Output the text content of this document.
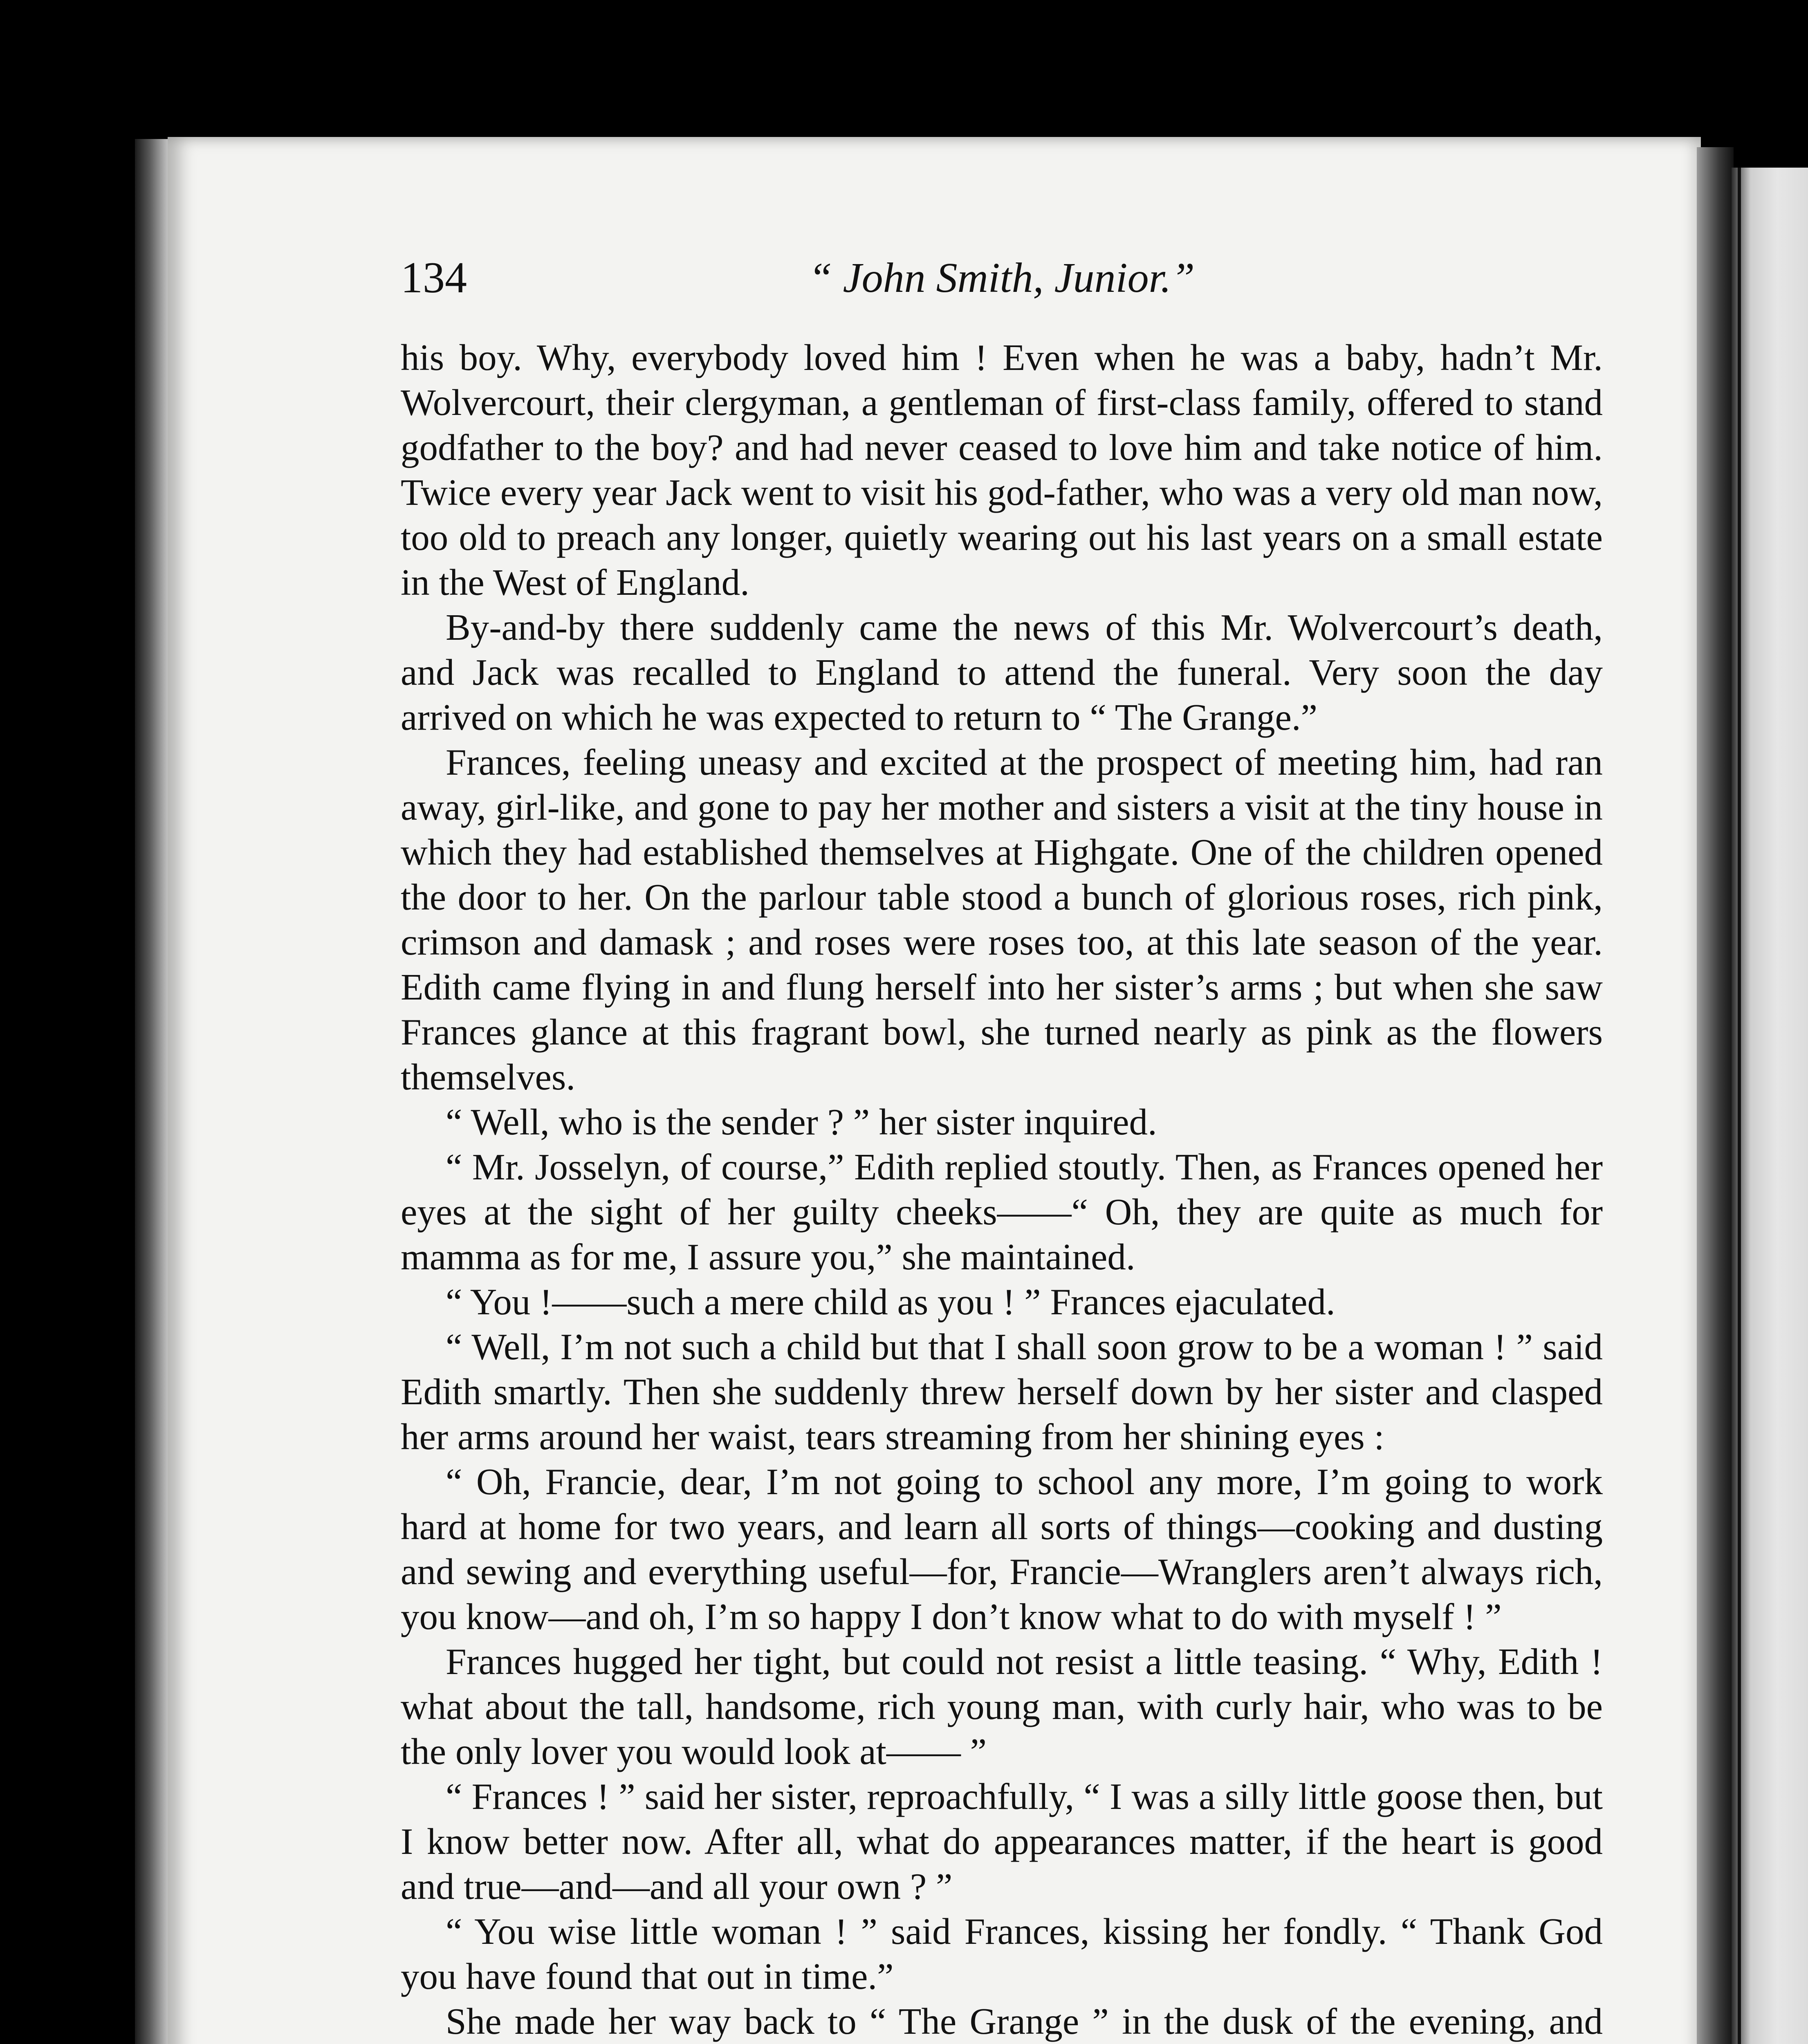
134	“ John Smith, Junior.”

his boy. Why, everybody loved him ! Even when he was a baby, hadn’t Mr. Wolvercourt, their clergyman, a gentleman of first-class family, offered to stand godfather to the boy? and had never ceased to love him and take notice of him. Twice every year Jack went to visit his god-father, who was a very old man now, too old to preach any longer, quietly wearing out his last years on a small estate in the West of England.

By-and-by there suddenly came the news of this Mr. Wolvercourt’s death, and Jack was recalled to England to attend the funeral. Very soon the day arrived on which he was expected to return to “ The Grange.”

Frances, feeling uneasy and excited at the prospect of meeting him, had ran away, girl-like, and gone to pay her mother and sisters a visit at the tiny house in which they had established themselves at Highgate. One of the children opened the door to her. On the parlour table stood a bunch of glorious roses, rich pink, crimson and damask ; and roses were roses too, at this late season of the year. Edith came flying in and flung herself into her sister’s arms ; but when she saw Frances glance at this fragrant bowl, she turned nearly as pink as the flowers themselves.

“ Well, who is the sender ? ” her sister inquired.

“ Mr. Josselyn, of course,” Edith replied stoutly. Then, as Frances opened her eyes at the sight of her guilty cheeks——“ Oh, they are quite as much for mamma as for me, I assure you,” she maintained.

“ You !——such a mere child as you ! ” Frances ejaculated.

“ Well, I’m not such a child but that I shall soon grow to be a woman ! ” said Edith smartly. Then she suddenly threw herself down by her sister and clasped her arms around her waist, tears streaming from her shining eyes :

“ Oh, Francie, dear, I’m not going to school any more, I’m going to work hard at home for two years, and learn all sorts of things—cooking and dusting and sewing and everything useful—for, Francie—Wranglers aren’t always rich, you know—and oh, I’m so happy I don’t know what to do with myself ! ”

Frances hugged her tight, but could not resist a little teasing. “ Why, Edith ! what about the tall, handsome, rich young man, with curly hair, who was to be the only lover you would look at—— ”

“ Frances ! ” said her sister, reproachfully, “ I was a silly little goose then, but I know better now. After all, what do appearances matter, if the heart is good and true—and—and all your own ? ”

“ You wise little woman ! ” said Frances, kissing her fondly. “ Thank God you have found that out in time.”

She made her way back to “ The Grange ” in the dusk of the evening, and
